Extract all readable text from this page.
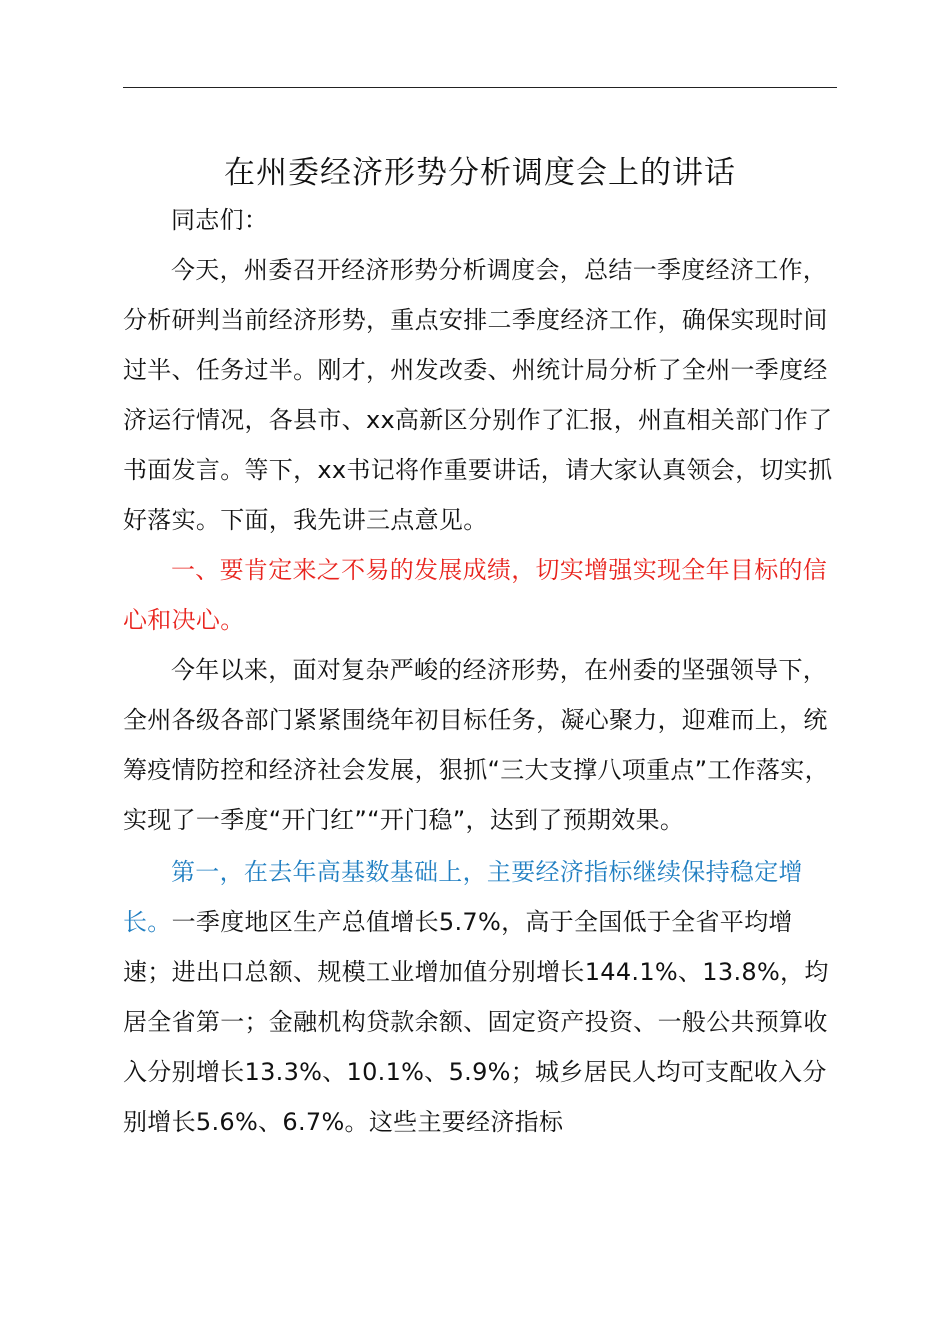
在州委经济形势分析调度会上的讲话

同志们：

今天，州委召开经济形势分析调度会，总结一季度经济工作，分析研判当前经济形势，重点安排二季度经济工作，确保实现时间过半、任务过半。刚才，州发改委、州统计局分析了全州一季度经济运行情况，各县市、xx高新区分别作了汇报，州直相关部门作了书面发言。等下，xx书记将作重要讲话，请大家认真领会，切实抓好落实。下面，我先讲三点意见。

一、要肯定来之不易的发展成绩，切实增强实现全年目标的信心和决心。

今年以来，面对复杂严峻的经济形势，在州委的坚强领导下，全州各级各部门紧紧围绕年初目标任务，凝心聚力，迎难而上，统筹疫情防控和经济社会发展，狠抓“三大支撑八项重点”工作落实，实现了一季度“开门红”“开门稳”，达到了预期效果。

第一，在去年高基数基础上，主要经济指标继续保持稳定增长。一季度地区生产总值增长5.7%，高于全国低于全省平均增速；进出口总额、规模工业增加值分别增长144.1%、13.8%，均居全省第一；金融机构贷款余额、固定资产投资、一般公共预算收入分别增长13.3%、10.1%、5.9%；城乡居民人均可支配收入分别增长5.6%、6.7%。这些主要经济指标
